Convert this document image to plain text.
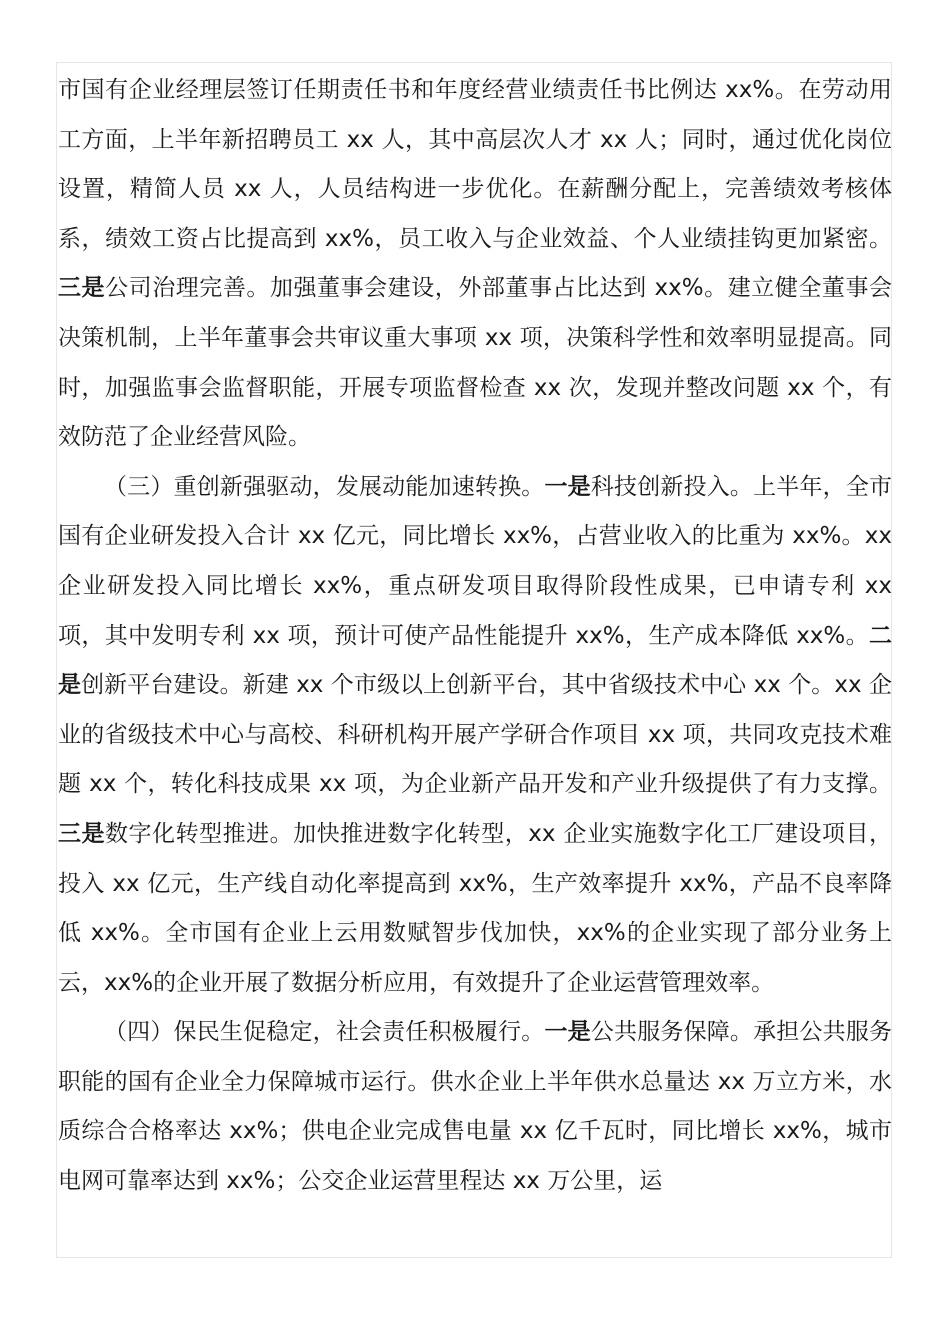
市国有企业经理层签订任期责任书和年度经营业绩责任书比例达 xx%。在劳动用工方面，上半年新招聘员工 xx 人，其中高层次人才 xx 人；同时，通过优化岗位设置，精简人员 xx 人，人员结构进一步优化。在薪酬分配上，完善绩效考核体系，绩效工资占比提高到 xx%，员工收入与企业效益、个人业绩挂钩更加紧密。三是公司治理完善。加强董事会建设，外部董事占比达到 xx%。建立健全董事会决策机制，上半年董事会共审议重大事项 xx 项，决策科学性和效率明显提高。同时，加强监事会监督职能，开展专项监督检查 xx 次，发现并整改问题 xx 个，有效防范了企业经营风险。

（三）重创新强驱动，发展动能加速转换。一是科技创新投入。上半年，全市国有企业研发投入合计 xx 亿元，同比增长 xx%，占营业收入的比重为 xx%。xx 企业研发投入同比增长 xx%，重点研发项目取得阶段性成果，已申请专利 xx 项，其中发明专利 xx 项，预计可使产品性能提升 xx%，生产成本降低 xx%。二是创新平台建设。新建 xx 个市级以上创新平台，其中省级技术中心 xx 个。xx 企业的省级技术中心与高校、科研机构开展产学研合作项目 xx 项，共同攻克技术难题 xx 个，转化科技成果 xx 项，为企业新产品开发和产业升级提供了有力支撑。三是数字化转型推进。加快推进数字化转型，xx 企业实施数字化工厂建设项目，投入 xx 亿元，生产线自动化率提高到 xx%，生产效率提升 xx%，产品不良率降低 xx%。全市国有企业上云用数赋智步伐加快，xx%的企业实现了部分业务上云，xx%的企业开展了数据分析应用，有效提升了企业运营管理效率。

（四）保民生促稳定，社会责任积极履行。一是公共服务保障。承担公共服务职能的国有企业全力保障城市运行。供水企业上半年供水总量达 xx 万立方米，水质综合合格率达 xx%；供电企业完成售电量 xx 亿千瓦时，同比增长 xx%，城市电网可靠率达到 xx%；公交企业运营里程达 xx 万公里，运
